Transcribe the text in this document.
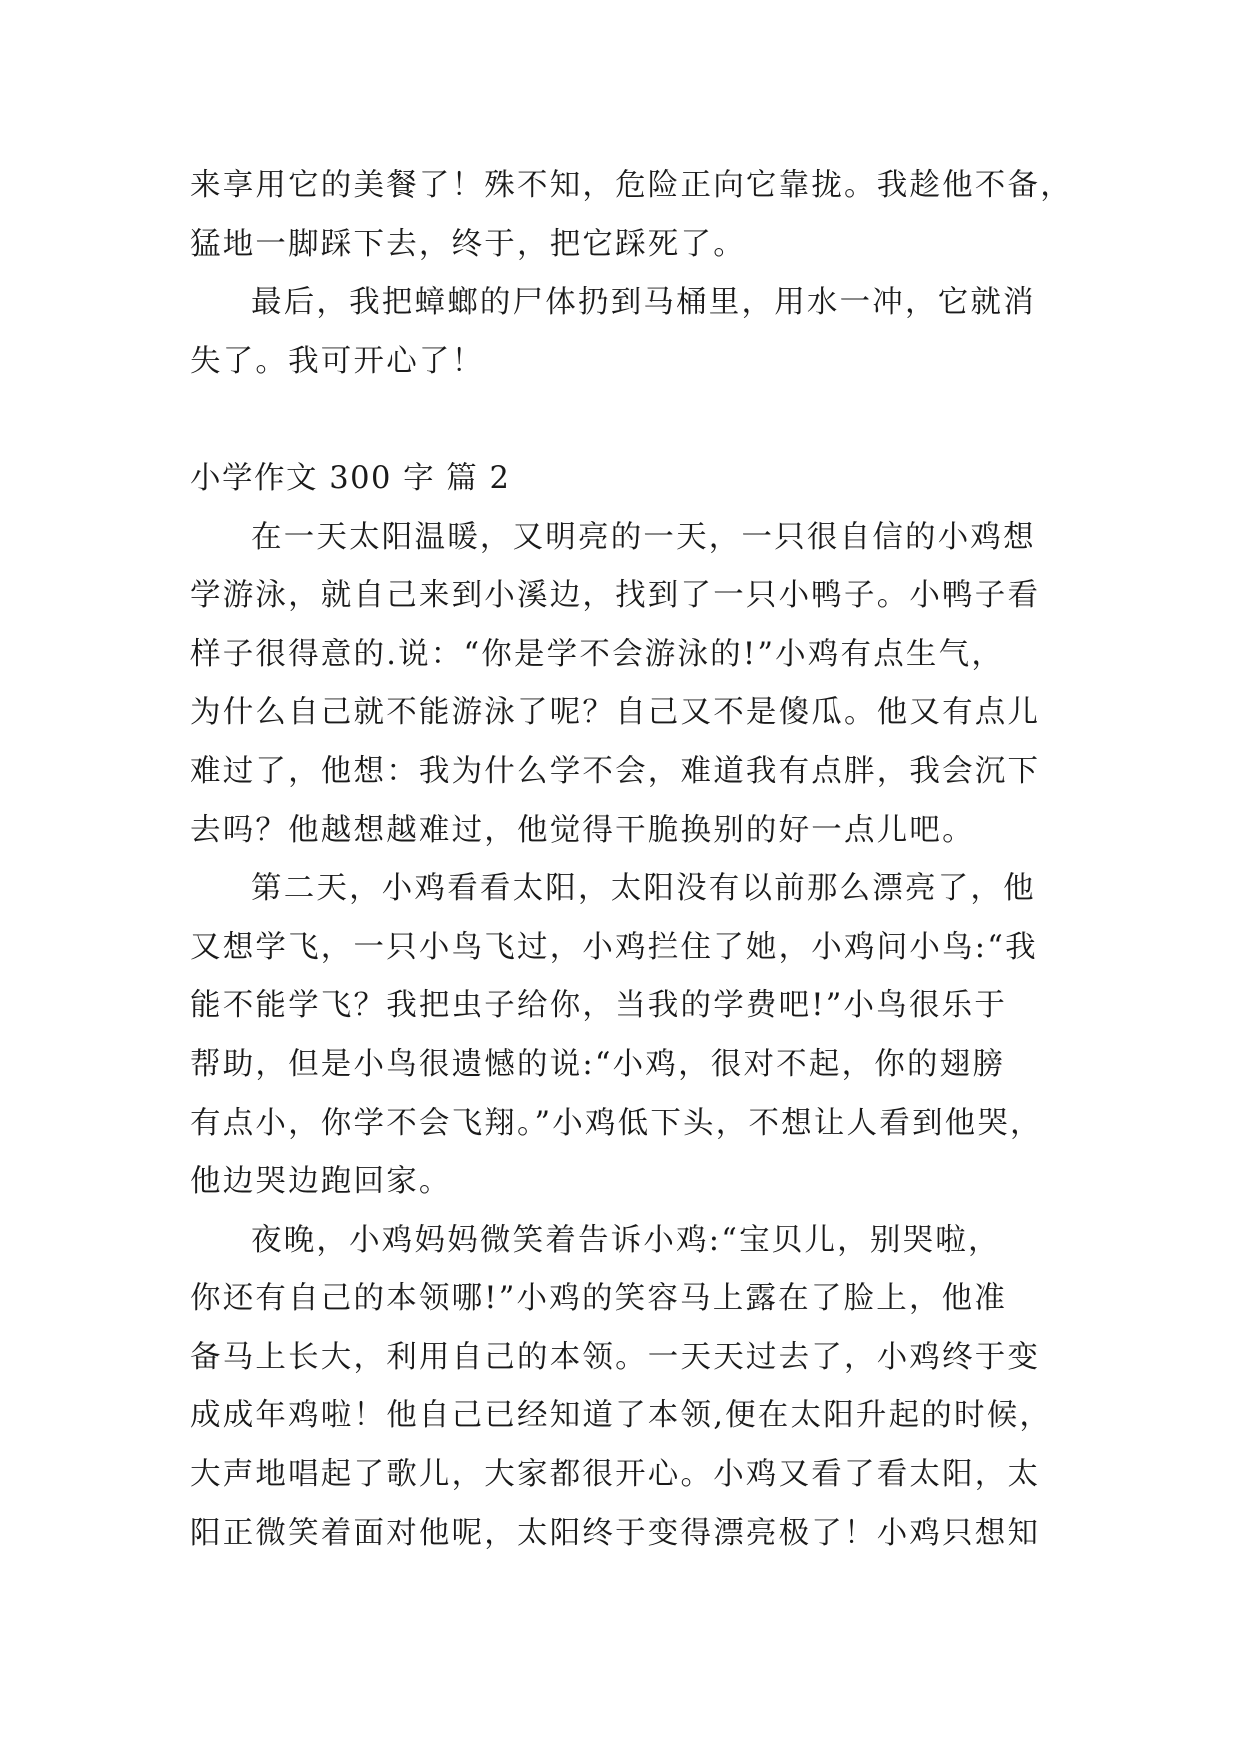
来享用它的美餐了！殊不知，危险正向它靠拢。我趁他不备，
猛地一脚踩下去，终于，把它踩死了。

最后，我把蟑螂的尸体扔到马桶里，用水一冲，它就消
失了。我可开心了！

小学作文 300 字 篇 2

在一天太阳温暖，又明亮的一天，一只很自信的小鸡想
学游泳，就自己来到小溪边，找到了一只小鸭子。小鸭子看
样子很得意的.说：“你是学不会游泳的!”小鸡有点生气，
为什么自己就不能游泳了呢？自己又不是傻瓜。他又有点儿
难过了，他想：我为什么学不会，难道我有点胖，我会沉下
去吗？他越想越难过，他觉得干脆换别的好一点儿吧。

第二天，小鸡看看太阳，太阳没有以前那么漂亮了，他
又想学飞，一只小鸟飞过，小鸡拦住了她，小鸡问小鸟:“我
能不能学飞？我把虫子给你，当我的学费吧!”小鸟很乐于
帮助，但是小鸟很遗憾的说:“小鸡，很对不起，你的翅膀
有点小，你学不会飞翔。”小鸡低下头，不想让人看到他哭，
他边哭边跑回家。

夜晚，小鸡妈妈微笑着告诉小鸡:“宝贝儿，别哭啦，
你还有自己的本领哪!”小鸡的笑容马上露在了脸上，他准
备马上长大，利用自己的本领。一天天过去了，小鸡终于变
成成年鸡啦！他自己已经知道了本领,便在太阳升起的时候，
大声地唱起了歌儿，大家都很开心。小鸡又看了看太阳，太
阳正微笑着面对他呢，太阳终于变得漂亮极了！小鸡只想知
